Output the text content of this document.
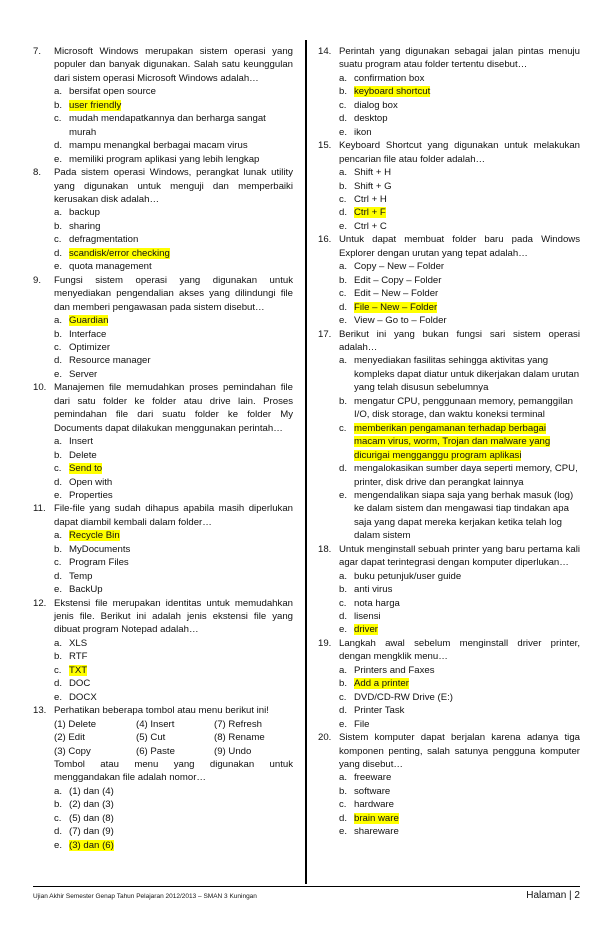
7. Microsoft Windows merupakan sistem operasi yang populer dan banyak digunakan. Salah satu keunggulan dari sistem operasi Microsoft Windows adalah…
a. bersifat open source
b. user friendly
c. mudah mendapatkannya dan berharga sangat murah
d. mampu menangkal berbagai macam virus
e. memiliki program aplikasi yang lebih lengkap
8. Pada sistem operasi Windows, perangkat lunak utility yang digunakan untuk menguji dan memperbaiki kerusakan disk adalah…
a. backup
b. sharing
c. defragmentation
d. scandisk/error checking
e. quota management
9. Fungsi sistem operasi yang digunakan untuk menyediakan pengendalian akses yang dilindungi file dan memberi pengawasan pada sistem disebut…
a. Guardian
b. Interface
c. Optimizer
d. Resource manager
e. Server
10. Manajemen file memudahkan proses pemindahan file dari satu folder ke folder atau drive lain. Proses pemindahan file dari suatu folder ke folder My Documents dapat dilakukan menggunakan perintah…
a. Insert
b. Delete
c. Send to
d. Open with
e. Properties
11. File-file yang sudah dihapus apabila masih diperlukan dapat diambil kembali dalam folder…
a. Recycle Bin
b. MyDocuments
c. Program Files
d. Temp
e. BackUp
12. Ekstensi file merupakan identitas untuk memudahkan jenis file. Berikut ini adalah jenis ekstensi file yang dibuat program Notepad adalah…
a. XLS
b. RTF
c. TXT
d. DOC
e. DOCX
13. Perhatikan beberapa tombol atau menu berikut ini!
(1) Delete	(4) Insert	(7) Refresh
(2) Edit	(5) Cut	(8) Rename
(3) Copy	(6) Paste	(9) Undo
Tombol atau menu yang digunakan untuk menggandakan file adalah nomor…
a. (1) dan (4)
b. (2) dan (3)
c. (5) dan (8)
d. (7) dan (9)
e. (3) dan (6)
14. Perintah yang digunakan sebagai jalan pintas menuju suatu program atau folder tertentu disebut…
a. confirmation box
b. keyboard shortcut
c. dialog box
d. desktop
e. ikon
15. Keyboard Shortcut yang digunakan untuk melakukan pencarian file atau folder adalah…
a. Shift + H
b. Shift + G
c. Ctrl + H
d. Ctrl + F
e. Ctrl + C
16. Untuk dapat membuat folder baru pada Windows Explorer dengan urutan yang tepat adalah…
a. Copy – New – Folder
b. Edit – Copy – Folder
c. Edit – New – Folder
d. File – New – Folder
e. View – Go to – Folder
17. Berikut ini yang bukan fungsi sari sistem operasi adalah…
a. menyediakan fasilitas sehingga aktivitas yang kompleks dapat diatur untuk dikerjakan dalam urutan yang telah disusun sebelumnya
b. mengatur CPU, penggunaan memory, pemanggilan I/O, disk storage, dan waktu koneksi terminal
c. memberikan pengamanan terhadap berbagai macam virus, worm, Trojan dan malware yang dicurigai mengganggu program aplikasi
d. mengalokasikan sumber daya seperti memory, CPU, printer, disk drive dan perangkat lainnya
e. mengendalikan siapa saja yang berhak masuk (log) ke dalam sistem dan mengawasi tiap tindakan apa saja yang dapat mereka kerjakan ketika telah log dalam sistem
18. Untuk menginstall sebuah printer yang baru pertama kali agar dapat terintegrasi dengan komputer diperlukan…
a. buku petunjuk/user guide
b. anti virus
c. nota harga
d. lisensi
e. driver
19. Langkah awal sebelum menginstall driver printer, dengan mengklik menu…
a. Printers and Faxes
b. Add a printer
c. DVD/CD-RW Drive (E:)
d. Printer Task
e. File
20. Sistem komputer dapat berjalan karena adanya tiga komponen penting, salah satunya pengguna komputer yang disebut…
a. freeware
b. software
c. hardware
d. brain ware
e. shareware
Ujian Akhir Semester Genap Tahun Pelajaran 2012/2013 – SMAN 3 Kuningan	Halaman | 2
